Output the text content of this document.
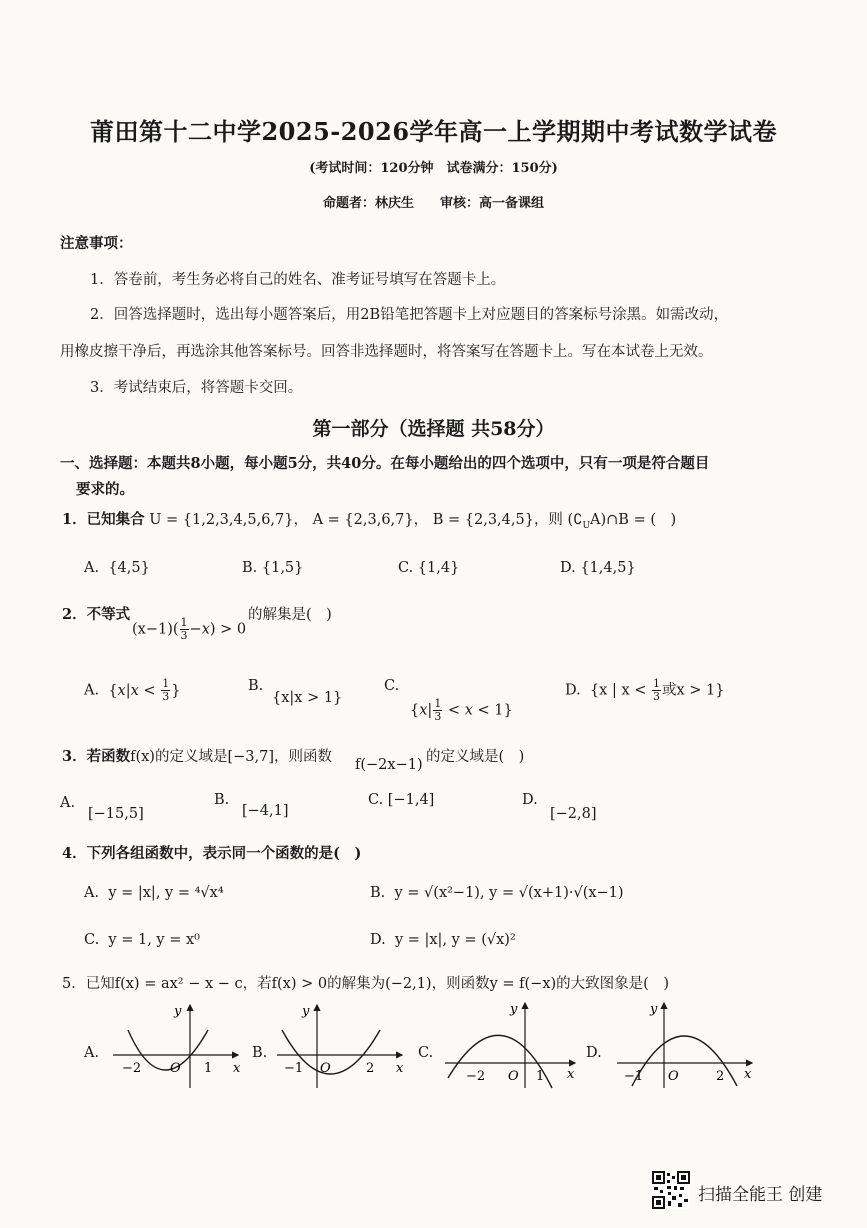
莆田第十二中学2025-2026学年高一上学期期中考试数学试卷
(考试时间：120分钟　试卷满分：150分)
命题者：林庆生　　审核：高一备课组
注意事项：
1．答卷前，考生务必将自己的姓名、准考证号填写在答题卡上。
2．回答选择题时，选出每小题答案后，用2B铅笔把答题卡上对应题目的答案标号涂黑。如需改动，
用橡皮擦干净后，再选涂其他答案标号。回答非选择题时，将答案写在答题卡上。写在本试卷上无效。
3．考试结束后，将答题卡交回。
第一部分（选择题 共58分）
一、选择题：本题共8小题，每小题5分，共40分。在每小题给出的四个选项中，只有一项是符合题目
要求的。
1．已知集合 U = {1,2,3,4,5,6,7}， A = {2,3,6,7}， B = {2,3,4,5}，则 $(∁_UA)\cap B$ = (　)
A. {4,5}	B. {1,5}	C. {1,4}	D. {1,4,5}
2．不等式
$(x-1)( \frac{1}{3} -x) > 0$
的解集是(　)
A. {$x|x < \frac{1}{3}$ }	B.
{x|x > 1}
C.
$\{x| \frac{1}{3} < x < 1\}$
D. {x | $x < \frac{1}{3}$ 或x > 1}
3．若函数f(x)的定义域是[−3,7]，则函数 f(−2x−1) 的定义域是(　)
A.
[−15,5]
B.
[−4,1]
C. [−1,4]	D.
[−2,8]
4．下列各组函数中，表示同一个函数的是(　)
A. y = |x|, y = ⁴√x⁴	B. y = √(x²−1), y = √(x+1)·√(x−1)
C. y = 1, y = x⁰	D. y = |x|, y = (√x)²
5．已知f(x) = ax² − x − c，若f(x) > 0的解集为(−2,1)，则函数y = f(−x)的大致图象是(　)
A.
−2 O 1 x
y
B.
−1 O	2 x
y
C.
−2 O 1 x
y
D.
−1 O	2 x
y
扫描全能王 创建
